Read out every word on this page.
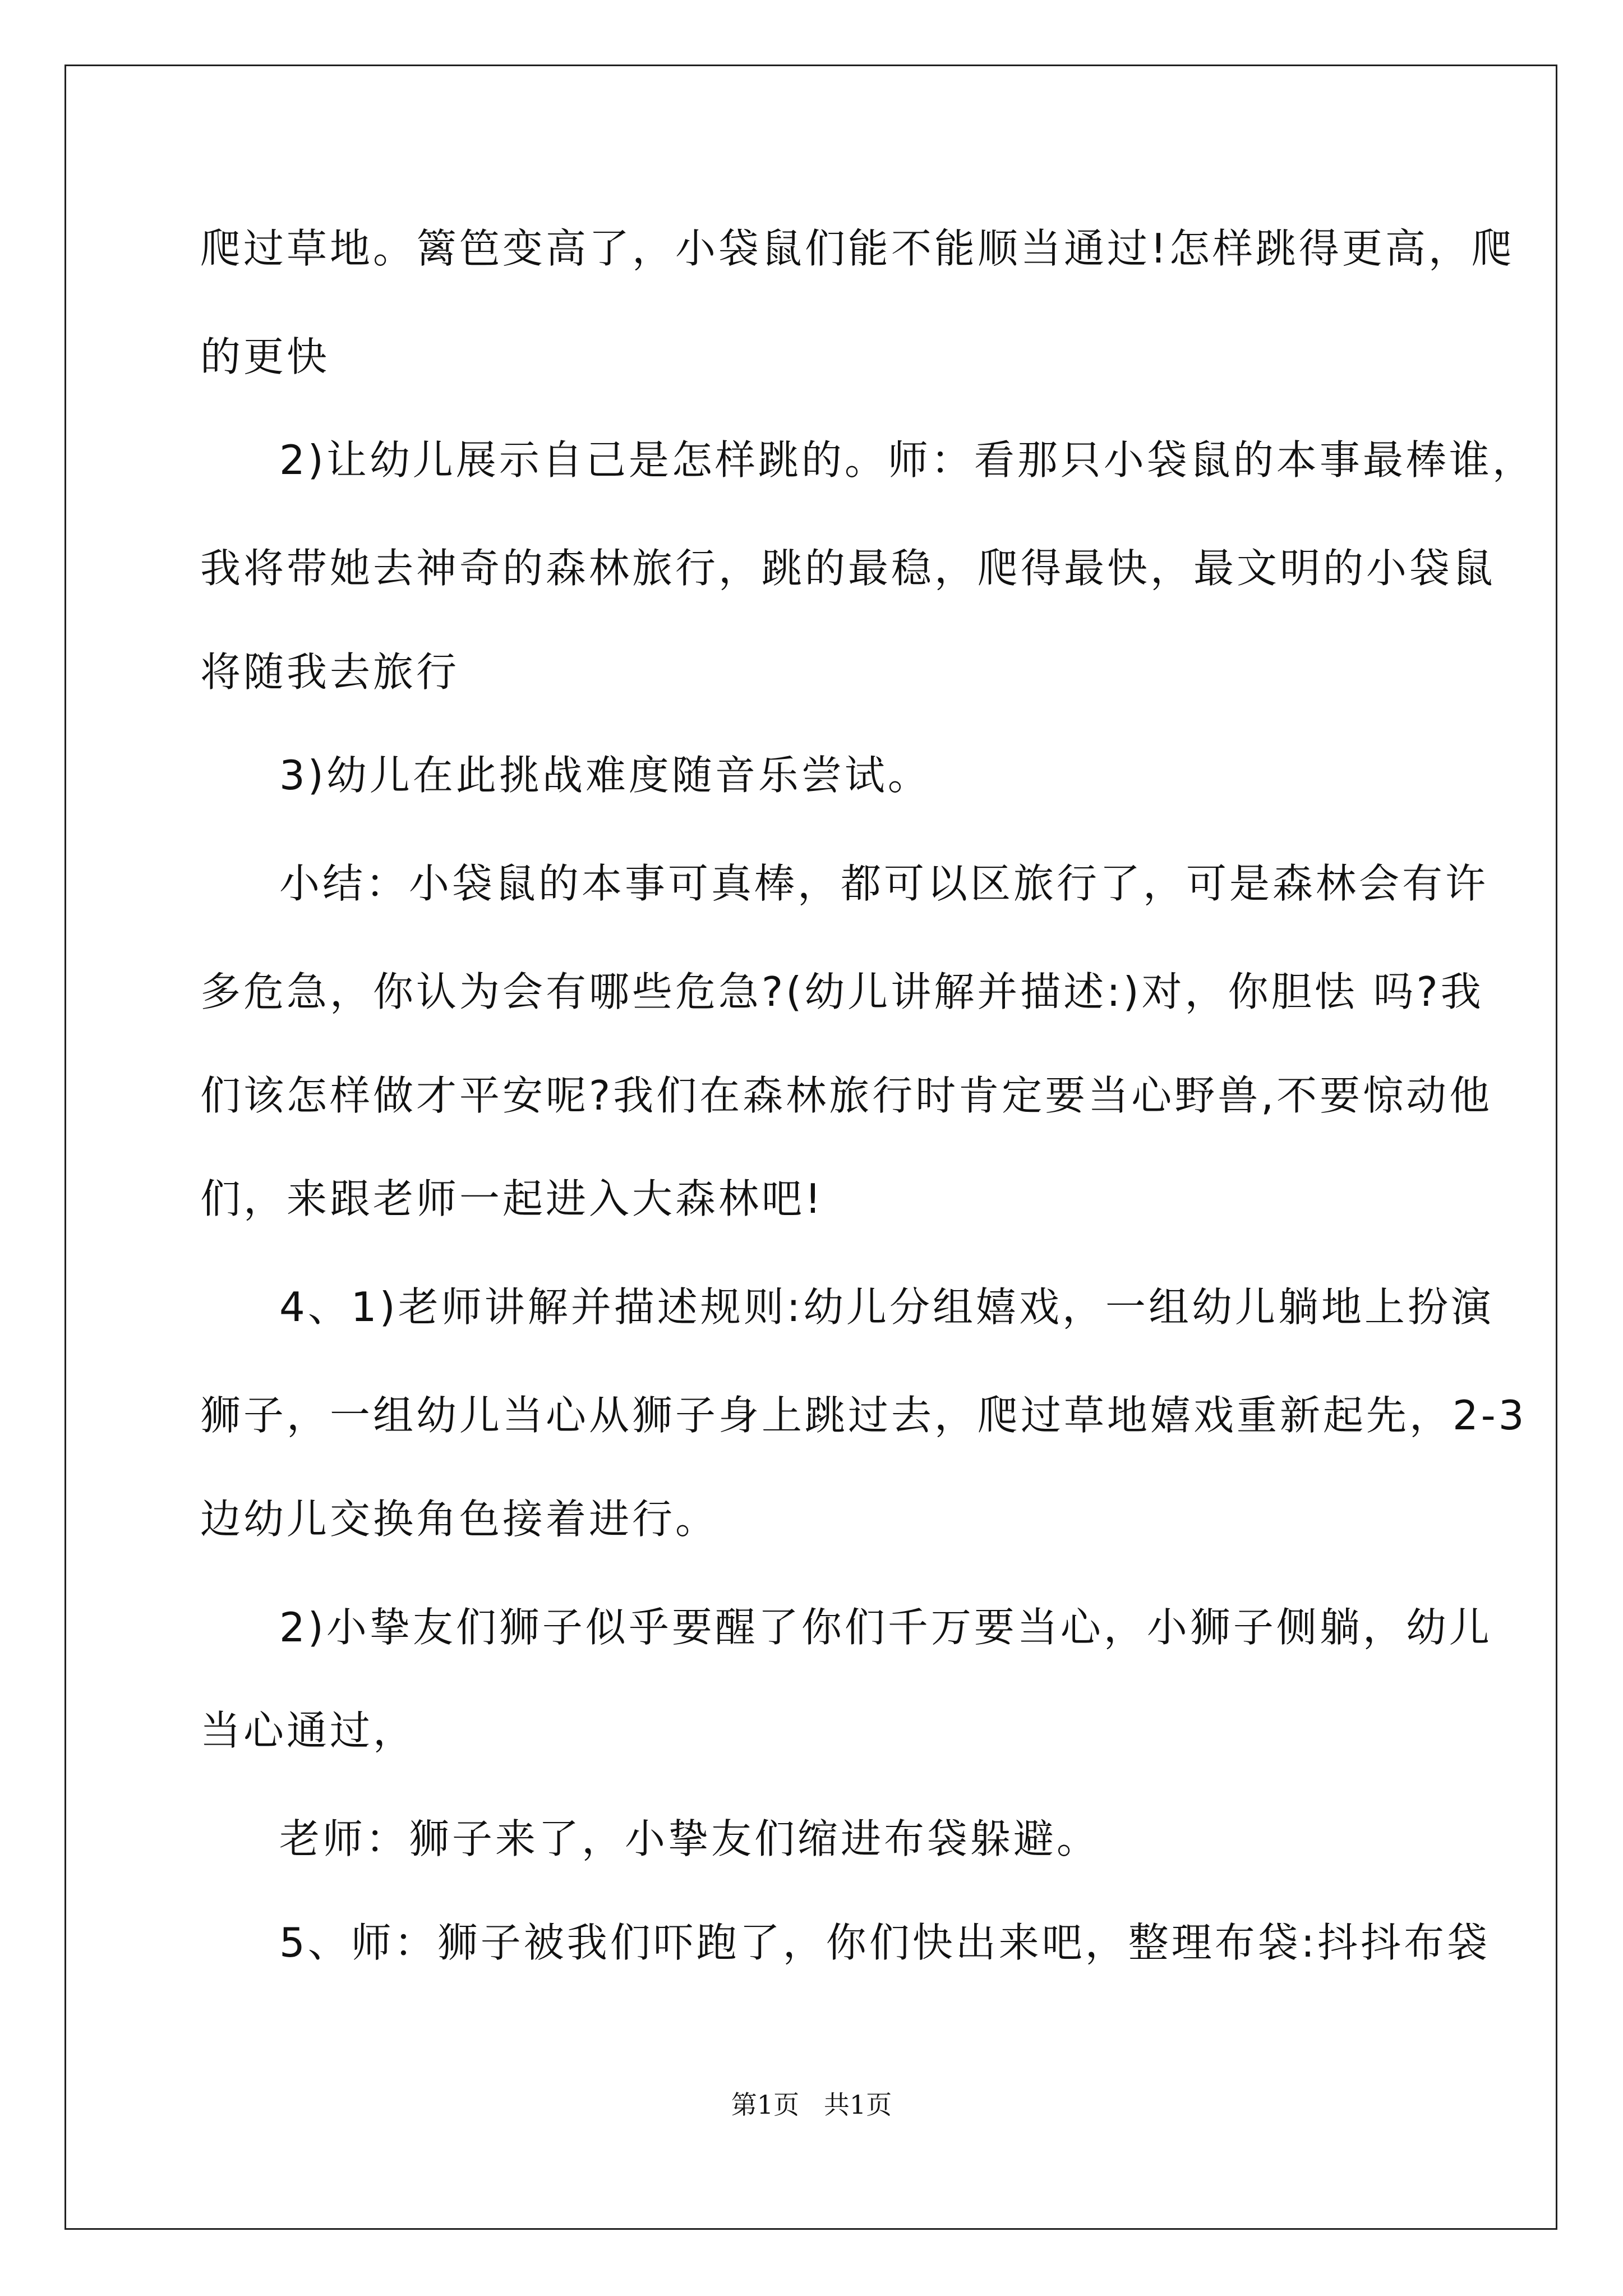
爬过草地。篱笆变高了，小袋鼠们能不能顺当通过!怎样跳得更高，爬
的更快
2)让幼儿展示自己是怎样跳的。师：看那只小袋鼠的本事最棒谁，
我将带她去神奇的森林旅行，跳的最稳，爬得最快，最文明的小袋鼠
将随我去旅行
3)幼儿在此挑战难度随音乐尝试。
小结：小袋鼠的本事可真棒，都可以区旅行了，可是森林会有许
多危急，你认为会有哪些危急?(幼儿讲解并描述:)对，你胆怯 吗?我
们该怎样做才平安呢?我们在森林旅行时肯定要当心野兽,不要惊动他
们，来跟老师一起进入大森林吧!
4、1)老师讲解并描述规则:幼儿分组嬉戏，一组幼儿躺地上扮演
狮子，一组幼儿当心从狮子身上跳过去，爬过草地嬉戏重新起先，2-3
边幼儿交换角色接着进行。
2)小挚友们狮子似乎要醒了你们千万要当心，小狮子侧躺，幼儿
当心通过，
老师：狮子来了，小挚友们缩进布袋躲避。
5、师：狮子被我们吓跑了，你们快出来吧，整理布袋:抖抖布袋
第1页   共1页
